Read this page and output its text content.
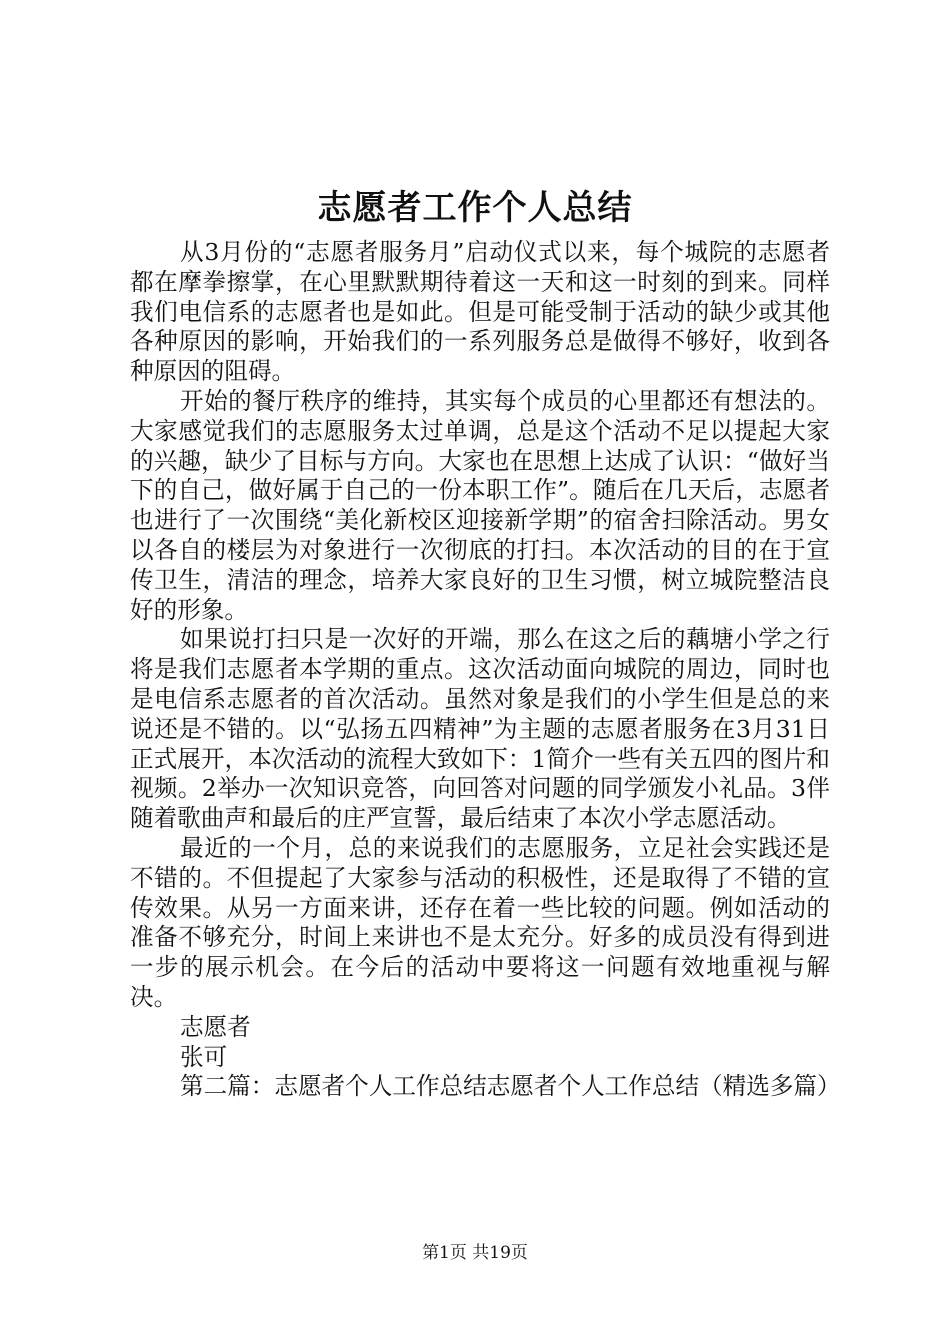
志愿者工作个人总结

从3月份的“志愿者服务月”启动仪式以来，每个城院的志愿者都在摩拳擦掌，在心里默默期待着这一天和这一时刻的到来。同样我们电信系的志愿者也是如此。但是可能受制于活动的缺少或其他各种原因的影响，开始我们的一系列服务总是做得不够好，收到各种原因的阻碍。

开始的餐厅秩序的维持，其实每个成员的心里都还有想法的。大家感觉我们的志愿服务太过单调，总是这个活动不足以提起大家的兴趣，缺少了目标与方向。大家也在思想上达成了认识：“做好当下的自己，做好属于自己的一份本职工作”。随后在几天后，志愿者也进行了一次围绕“美化新校区迎接新学期”的宿舍扫除活动。男女以各自的楼层为对象进行一次彻底的打扫。本次活动的目的在于宣传卫生，清洁的理念，培养大家良好的卫生习惯，树立城院整洁良好的形象。

如果说打扫只是一次好的开端，那么在这之后的藕塘小学之行将是我们志愿者本学期的重点。这次活动面向城院的周边，同时也是电信系志愿者的首次活动。虽然对象是我们的小学生但是总的来说还是不错的。以“弘扬五四精神”为主题的志愿者服务在3月31日正式展开，本次活动的流程大致如下：1简介一些有关五四的图片和视频。2举办一次知识竞答，向回答对问题的同学颁发小礼品。3伴随着歌曲声和最后的庄严宣誓，最后结束了本次小学志愿活动。

最近的一个月，总的来说我们的志愿服务，立足社会实践还是不错的。不但提起了大家参与活动的积极性，还是取得了不错的宣传效果。从另一方面来讲，还存在着一些比较的问题。例如活动的准备不够充分，时间上来讲也不是太充分。好多的成员没有得到进一步的展示机会。在今后的活动中要将这一问题有效地重视与解决。

志愿者

张可

第二篇：志愿者个人工作总结志愿者个人工作总结（精选多篇）

第1页 共19页
